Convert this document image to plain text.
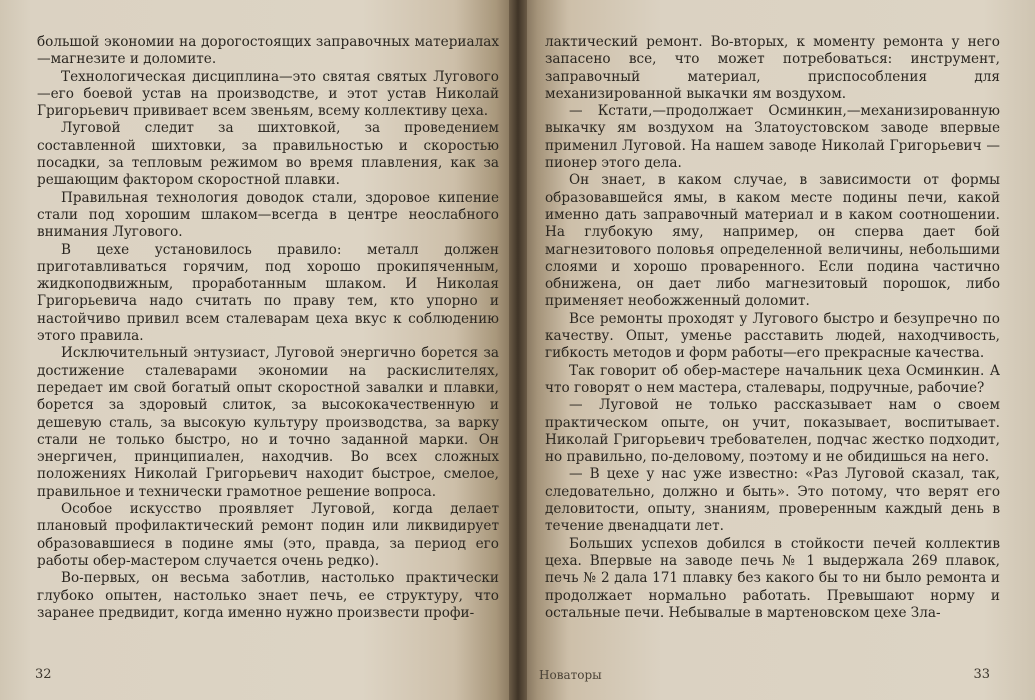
большой экономии на дорогостоящих заправочных материалах—магнезите и доломите.

Технологическая дисциплина—это святая святых Лугового—его боевой устав на производстве, и этот устав Николай Григорьевич прививает всем звеньям, всему коллективу цеха.

Луговой следит за шихтовкой, за проведением составленной шихтовки, за правильностью и скоростью посадки, за тепловым режимом во время плавления, как за решающим фактором скоростной плавки.

Правильная технология доводок стали, здоровое кипение стали под хорошим шлаком—всегда в центре неослабного внимания Лугового.

В цехе установилось правило: металл должен приготавливаться горячим, под хорошо прокипяченным, жидкоподвижным, проработанным шлаком. И Николая Григорьевича надо считать по праву тем, кто упорно и настойчиво привил всем сталеварам цеха вкус к соблюдению этого правила.

Исключительный энтузиаст, Луговой энергично борется за достижение сталеварами экономии на раскислителях, передает им свой богатый опыт скоростной завалки и плавки, борется за здоровый слиток, за высококачественную и дешевую сталь, за высокую культуру производства, за варку стали не только быстро, но и точно заданной марки. Он энергичен, принципиален, находчив. Во всех сложных положениях Николай Григорьевич находит быстрое, смелое, правильное и технически грамотное решение вопроса.

Особое искусство проявляет Луговой, когда делает плановый профилактический ремонт подин или ликвидирует образовавшиеся в подине ямы (это, правда, за период его работы обер-мастером случается очень редко).

Во-первых, он весьма заботлив, настолько практически глубоко опытен, настолько знает печь, ее структуру, что заранее предвидит, когда именно нужно произвести профи-

32

лактический ремонт. Во-вторых, к моменту ремонта у него запасено все, что может потребоваться: инструмент, заправочный материал, приспособления для механизированной выкачки ям воздухом.

— Кстати,—продолжает Осминкин,—механизированную выкачку ям воздухом на Златоустовском заводе впервые применил Луговой. На нашем заводе Николай Григорьевич —пионер этого дела.

Он знает, в каком случае, в зависимости от формы образовавшейся ямы, в каком месте подины печи, какой именно дать заправочный материал и в каком соотношении. На глубокую яму, например, он сперва дает бой магнезитового половья определенной величины, небольшими слоями и хорошо проваренного. Если подина частично обнижена, он дает либо магнезитовый порошок, либо применяет необожженный доломит.

Все ремонты проходят у Лугового быстро и безупречно по качеству. Опыт, уменье расставить людей, находчивость, гибкость методов и форм работы—его прекрасные качества.

Так говорит об обер-мастере начальник цеха Осминкин. А что говорят о нем мастера, сталевары, подручные, рабочие?

— Луговой не только рассказывает нам о своем практическом опыте, он учит, показывает, воспитывает. Николай Григорьевич требователен, подчас жестко подходит, но правильно, по-деловому, поэтому и не обидишься на него.

— В цехе у нас уже известно: «Раз Луговой сказал, так, следовательно, должно и быть». Это потому, что верят его деловитости, опыту, знаниям, проверенным каждый день в течение двенадцати лет.

Больших успехов добился в стойкости печей коллектив цеха. Впервые на заводе печь № 1 выдержала 269 плавок, печь № 2 дала 171 плавку без какого бы то ни было ремонта и продолжает нормально работать. Превышают норму и остальные печи. Небывалые в мартеновском цехе Зла-

Новаторы	33
